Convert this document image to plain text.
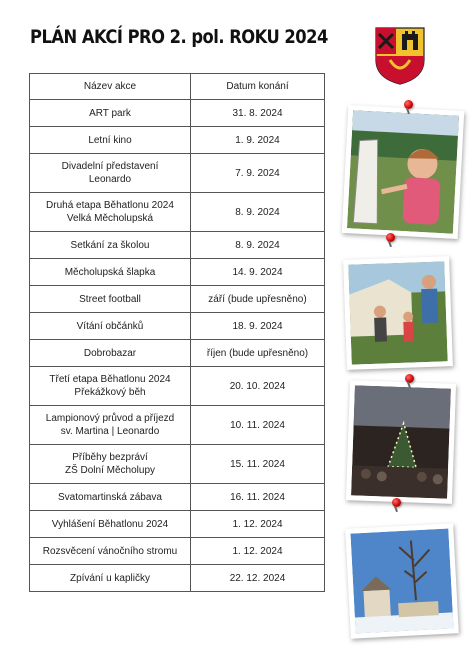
PLÁN AKCÍ PRO 2. pol. ROKU 2024
Název akce	Datum konání
ART park	31. 8. 2024
Letní kino	1. 9. 2024
Divadelní představení
Leonardo	7. 9. 2024
Druhá etapa Běhatlonu 2024
Velká Měcholupská	8. 9. 2024
Setkání za školou	8. 9. 2024
Měcholupská šlapka	14. 9. 2024
Street football	září (bude upřesněno)
Vítání občánků	18. 9. 2024
Dobrobazar	říjen (bude upřesněno)
Třetí etapa Běhatlonu 2024
Překážkový běh	20. 10. 2024
Lampionový průvod a příjezd
sv. Martina | Leonardo	10. 11. 2024
Příběhy bezpráví
ZŠ Dolní Měcholupy	15. 11. 2024
Svatomartinská zábava	16. 11. 2024
Vyhlášení Běhatlonu 2024	1. 12. 2024
Rozsvěcení vánočního stromu	1. 12. 2024
Zpívání u kapličky	22. 12. 2024
